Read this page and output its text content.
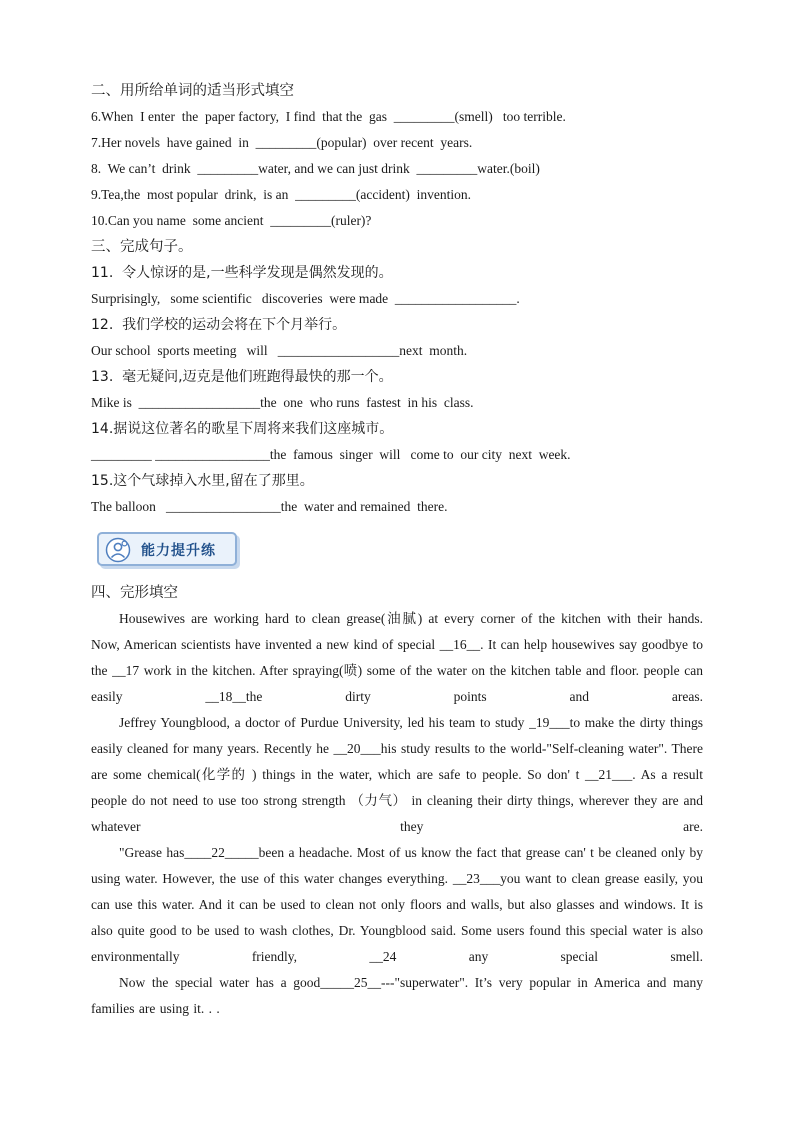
二、用所给单词的适当形式填空
6.When  I enter  the  paper factory,  I find  that the  gas  _________(smell)   too terrible.
7.Her novels  have gained  in  _________(popular)  over recent  years.
8.  We can’t  drink  _________water, and we can just drink  _________water.(boil)
9.Tea,the  most popular  drink,  is an  _________(accident)  invention.
10.Can you name  some ancient  _________(ruler)?
三、完成句子。
11.  令人惊讶的是,一些科学发现是偶然发现的。
Surprisingly,   some scientific   discoveries  were made  __________________.
12.  我们学校的运动会将在下个月举行。
Our school  sports meeting   will   __________________next  month.
13.  毫无疑问,迈克是他们班跑得最快的那一个。
Mike is  __________________the  one  who runs  fastest  in his  class.
14.据说这位著名的歌星下周将来我们这座城市。
_________ _________________the  famous  singer  will   come to  our city  next  week.
15.这个气球掉入水里,留在了那里。
The balloon   _________________the  water and remained  there.
能力提升练
四、完形填空
Housewives are working hard to clean grease(油腻) at every corner of the kitchen with their hands. Now, American scientists have invented a new kind of special __16__. It can help housewives say goodbye to the __17 work in the kitchen. After spraying(喷) some of the water on the kitchen table and floor. people can easily __18__the dirty points and areas.
Jeffrey Youngblood, a doctor of Purdue University, led his team to study _19___to make the dirty things easily cleaned for many years. Recently he __20___his study results to the world-"Self-cleaning water". There are some chemical(化学的 ) things in the water, which are safe to people. So don' t __21___. As a result people do not need to use too strong strength （力气） in cleaning their dirty things, wherever they are and whatever they are.
"Grease has____22_____been a headache. Most of us know the fact that grease can' t be cleaned only by using water. However, the use of this water changes everything. __23___you want to clean grease easily, you can use this water. And it can be used to clean not only floors and walls, but also glasses and windows. It is also quite good to be used to wash clothes, Dr. Youngblood said. Some users found this special water is also environmentally friendly, __24 any special smell.
Now the special water has a good_____25__---"superwater". It’s very popular in America and many families are using it. . .
